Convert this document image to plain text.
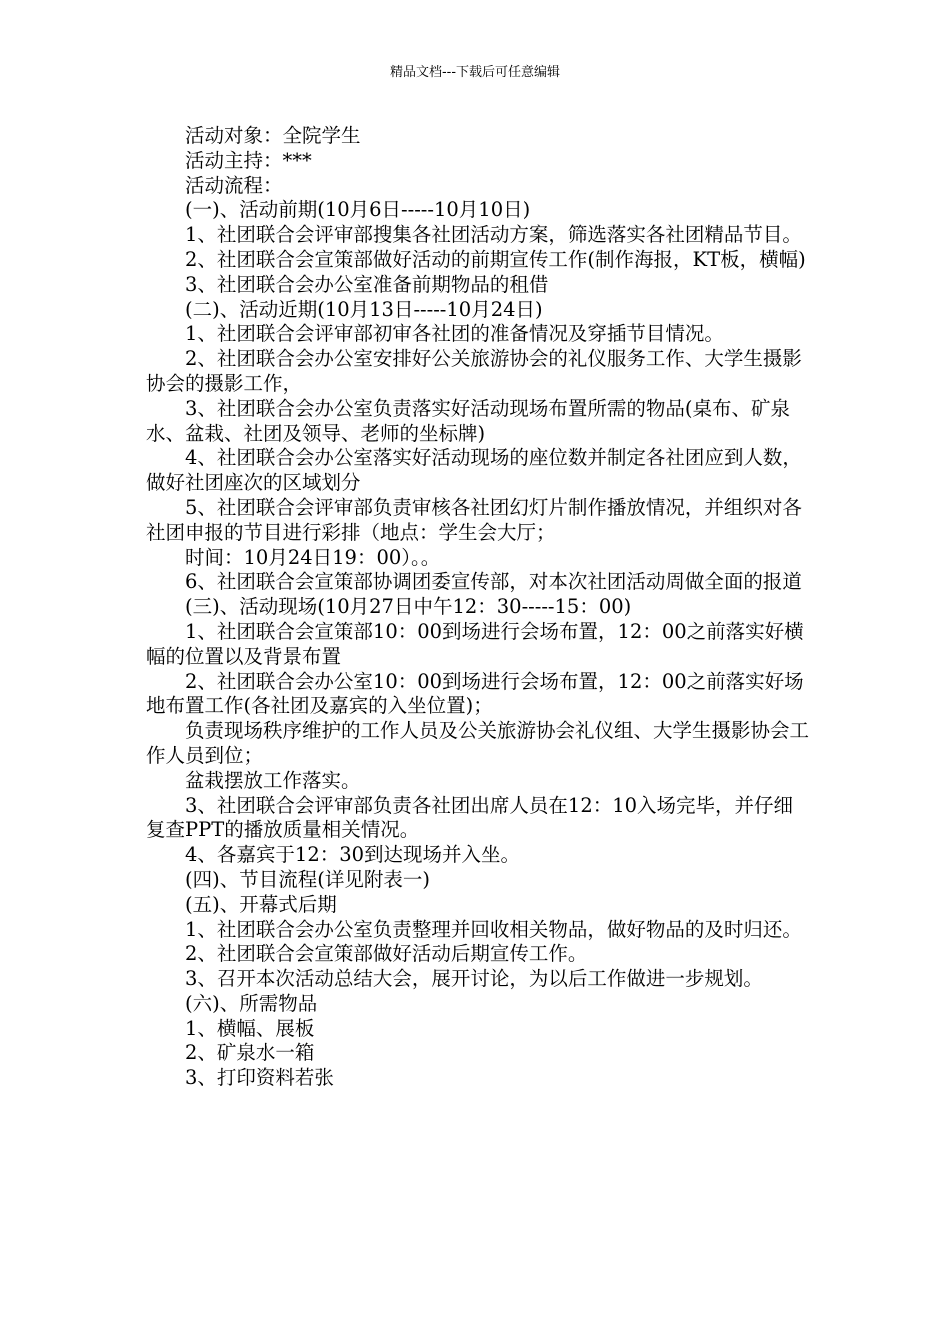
精品文档---下载后可任意编辑

活动对象：全院学生

活动主持：***

活动流程：

(一)、活动前期(10月6日-----10月10日)

1、社团联合会评审部搜集各社团活动方案，筛选落实各社团精品节目。

2、社团联合会宣策部做好活动的前期宣传工作(制作海报，KT板，横幅)

3、社团联合会办公室准备前期物品的租借

(二)、活动近期(10月13日-----10月24日)

1、社团联合会评审部初审各社团的准备情况及穿插节目情况。

2、社团联合会办公室安排好公关旅游协会的礼仪服务工作、大学生摄影协会的摄影工作，

3、社团联合会办公室负责落实好活动现场布置所需的物品(桌布、矿泉水、盆栽、社团及领导、老师的坐标牌)

4、社团联合会办公室落实好活动现场的座位数并制定各社团应到人数，做好社团座次的区域划分

5、社团联合会评审部负责审核各社团幻灯片制作播放情况，并组织对各社团申报的节目进行彩排（地点：学生会大厅；

时间：10月24日19：00）。。

6、社团联合会宣策部协调团委宣传部，对本次社团活动周做全面的报道

(三)、活动现场(10月27日中午12：30-----15：00)

1、社团联合会宣策部10：00到场进行会场布置，12：00之前落实好横幅的位置以及背景布置

2、社团联合会办公室10：00到场进行会场布置，12：00之前落实好场地布置工作(各社团及嘉宾的入坐位置)；

负责现场秩序维护的工作人员及公关旅游协会礼仪组、大学生摄影协会工作人员到位；

盆栽摆放工作落实。

3、社团联合会评审部负责各社团出席人员在12：10入场完毕，并仔细复查PPT的播放质量相关情况。

4、各嘉宾于12：30到达现场并入坐。

(四)、节目流程(详见附表一)

(五)、开幕式后期

1、社团联合会办公室负责整理并回收相关物品，做好物品的及时归还。

2、社团联合会宣策部做好活动后期宣传工作。

3、召开本次活动总结大会，展开讨论，为以后工作做进一步规划。

(六)、所需物品

1、横幅、展板

2、矿泉水一箱

3、打印资料若张
